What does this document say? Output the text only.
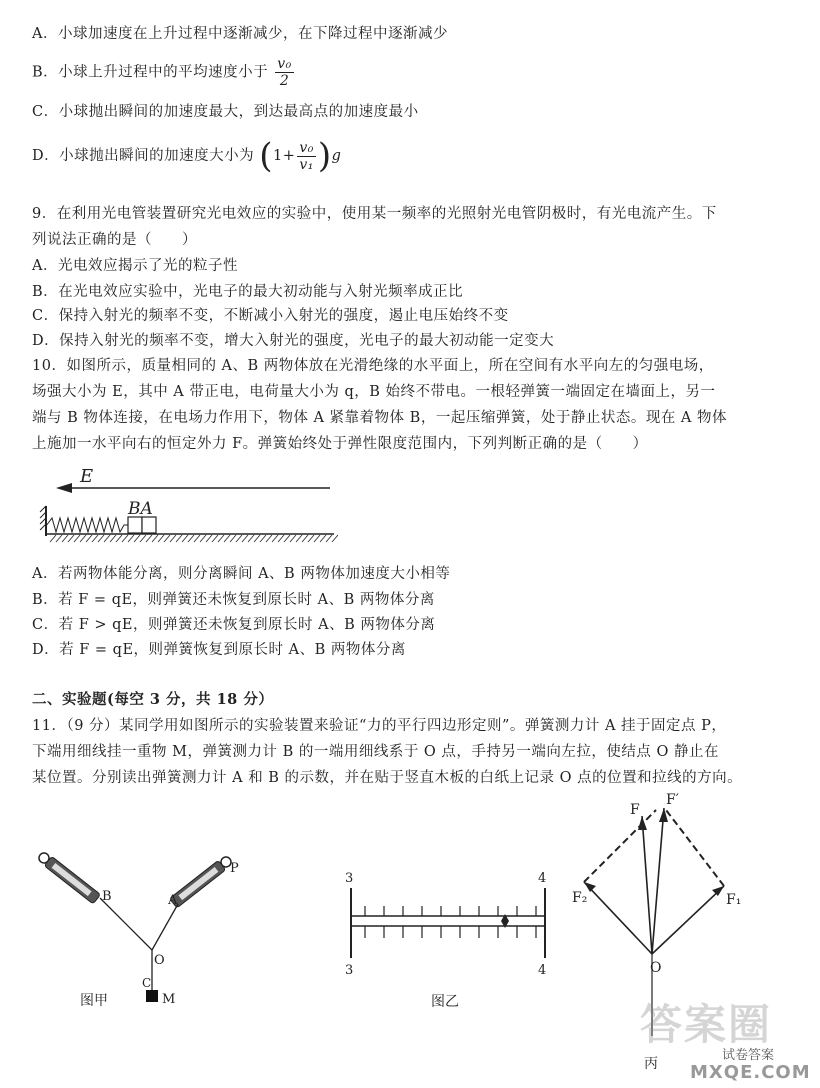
A．小球加速度在上升过程中逐渐减少，在下降过程中逐渐减少
B．小球上升过程中的平均速度小于 $\frac{\text{v₀}}{2}$
C．小球抛出瞬间的加速度最大，到达最高点的加速度最小
D．小球抛出瞬间的加速度大小为 $(1+ \frac{\text{v₀}}{\text{v₁}} )g$
9．在利用光电管装置研究光电效应的实验中，使用某一频率的光照射光电管阴极时，有光电流产生。下
列说法正确的是（　　）
A．光电效应揭示了光的粒子性
B．在光电效应实验中，光电子的最大初动能与入射光频率成正比
C．保持入射光的频率不变，不断减小入射光的强度，遏止电压始终不变
D．保持入射光的频率不变，增大入射光的强度，光电子的最大初动能一定变大
10．如图所示，质量相同的 A、B 两物体放在光滑绝缘的水平面上，所在空间有水平向左的匀强电场，
场强大小为 E，其中 A 带正电，电荷量大小为 q，B 始终不带电。一根轻弹簧一端固定在墙面上，另一
端与 B 物体连接，在电场力作用下，物体 A 紧靠着物体 B，一起压缩弹簧，处于静止状态。现在 A 物体
上施加一水平向右的恒定外力 F。弹簧始终处于弹性限度范围内，下列判断正确的是（　　）
E
BA
A．若两物体能分离，则分离瞬间 A、B 两物体加速度大小相等
B．若 F = qE，则弹簧还未恢复到原长时 A、B 两物体分离
C．若 F > qE，则弹簧还未恢复到原长时 A、B 两物体分离
D．若 F = qE，则弹簧恢复到原长时 A、B 两物体分离
二、实验题(每空 3 分，共 18 分）
11．（9 分）某同学用如图所示的实验装置来验证“力的平行四边形定则”。弹簧测力计 A 挂于固定点 P，
下端用细线挂一重物 M，弹簧测力计 B 的一端用细线系于 O 点，手持另一端向左拉，使结点 O 静止在
某位置。分别读出弹簧测力计 A 和 B 的示数，并在贴于竖直木板的白纸上记录 O 点的位置和拉线的方向。
B	A
P
O
C
M
图甲
3
3
4
4
图乙
F
F′
F₂	F₁
O
丙
答案圈
试卷答案
MXQE.COM
